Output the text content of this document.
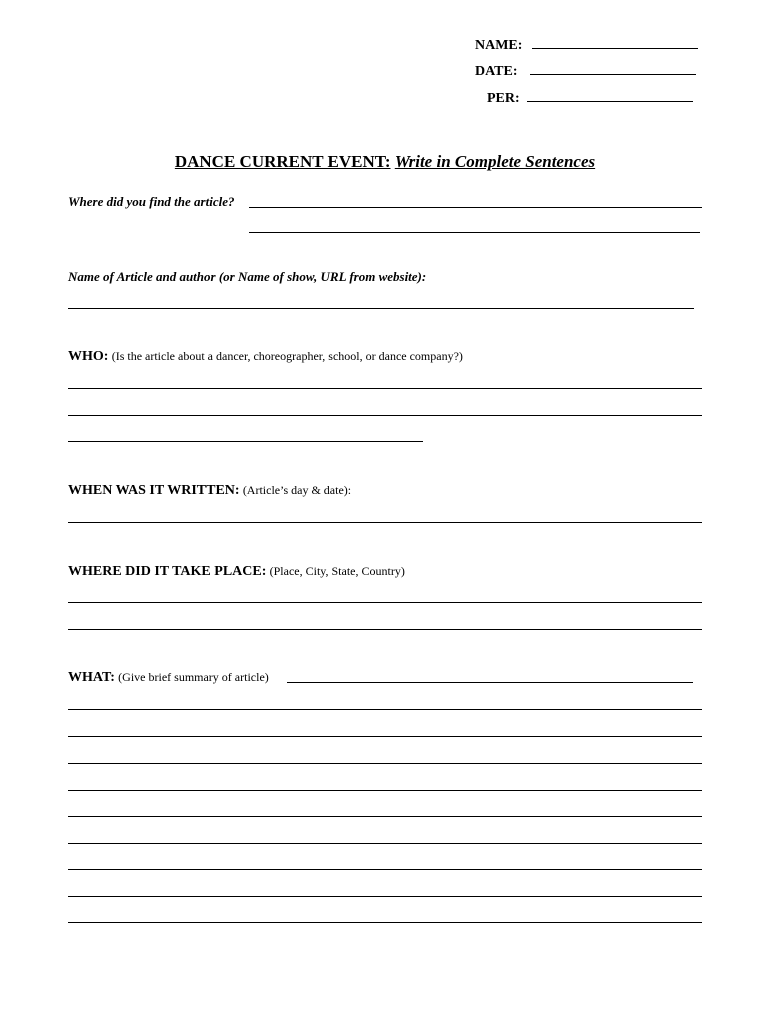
NAME:
DATE:
PER:
DANCE CURRENT EVENT: Write in Complete Sentences
Where did you find the article?
Name of Article and author (or Name of show, URL from website):
WHO: (Is the article about a dancer, choreographer, school, or dance company?)
WHEN WAS IT WRITTEN: (Article’s day & date):
WHERE DID IT TAKE PLACE: (Place, City, State, Country)
WHAT: (Give brief summary of article)
